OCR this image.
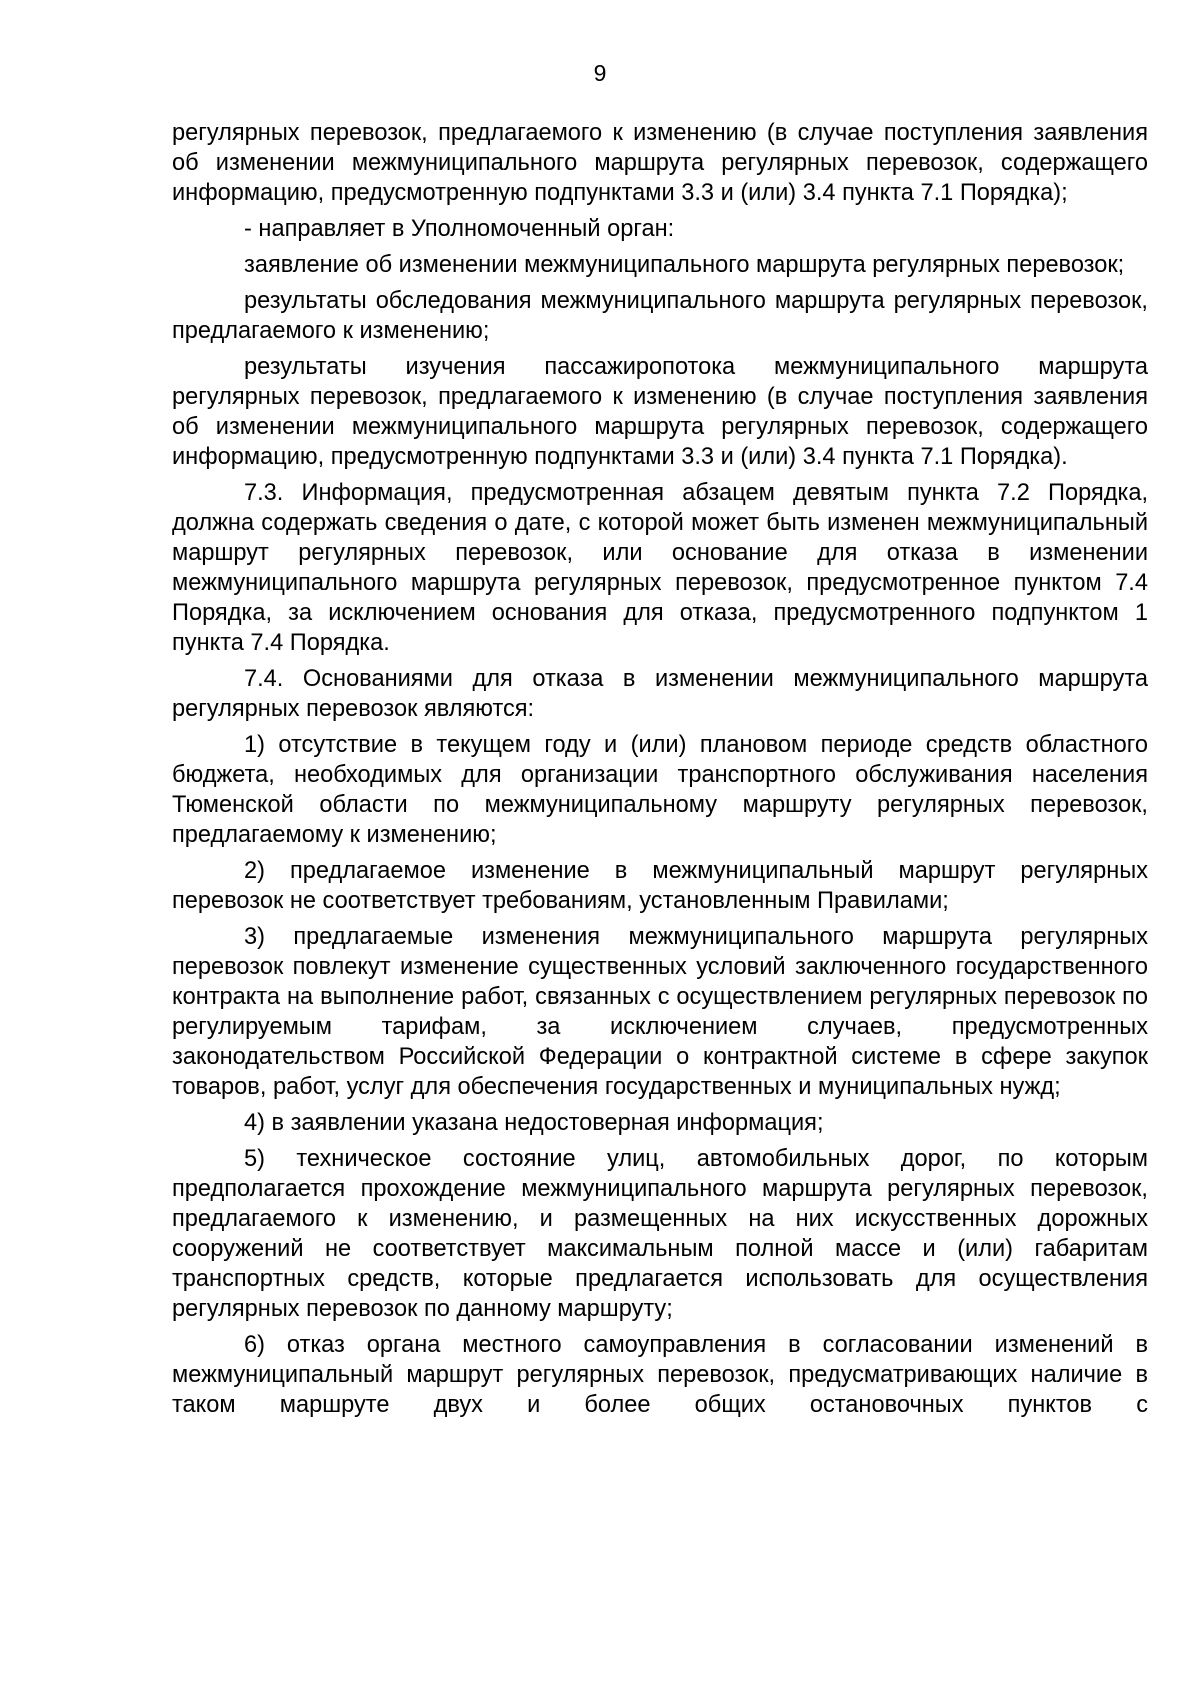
9

регулярных перевозок, предлагаемого к изменению (в случае поступления заявления об изменении межмуниципального маршрута регулярных перевозок, содержащего информацию, предусмотренную подпунктами 3.3 и (или) 3.4 пункта 7.1 Порядка);

- направляет в Уполномоченный орган:

заявление об изменении межмуниципального маршрута регулярных перевозок;

результаты обследования межмуниципального маршрута регулярных перевозок, предлагаемого к изменению;

результаты изучения пассажиропотока межмуниципального маршрута регулярных перевозок, предлагаемого к изменению (в случае поступления заявления об изменении межмуниципального маршрута регулярных перевозок, содержащего информацию, предусмотренную подпунктами 3.3 и (или) 3.4 пункта 7.1 Порядка).

7.3. Информация, предусмотренная абзацем девятым пункта 7.2 Порядка, должна содержать сведения о дате, с которой может быть изменен межмуниципальный маршрут регулярных перевозок, или основание для отказа в изменении межмуниципального маршрута регулярных перевозок, предусмотренное пунктом 7.4 Порядка, за исключением основания для отказа, предусмотренного подпунктом 1 пункта 7.4 Порядка.

7.4. Основаниями для отказа в изменении межмуниципального маршрута регулярных перевозок являются:

1) отсутствие в текущем году и (или) плановом периоде средств областного бюджета, необходимых для организации транспортного обслуживания населения Тюменской области по межмуниципальному маршруту регулярных перевозок, предлагаемому к изменению;

2) предлагаемое изменение в межмуниципальный маршрут регулярных перевозок не соответствует требованиям, установленным Правилами;

3) предлагаемые изменения межмуниципального маршрута регулярных перевозок повлекут изменение существенных условий заключенного государственного контракта на выполнение работ, связанных с осуществлением регулярных перевозок по регулируемым тарифам, за исключением случаев, предусмотренных законодательством Российской Федерации о контрактной системе в сфере закупок товаров, работ, услуг для обеспечения государственных и муниципальных нужд;

4) в заявлении указана недостоверная информация;

5) техническое состояние улиц, автомобильных дорог, по которым предполагается прохождение межмуниципального маршрута регулярных перевозок, предлагаемого к изменению, и размещенных на них искусственных дорожных сооружений не соответствует максимальным полной массе и (или) габаритам транспортных средств, которые предлагается использовать для осуществления регулярных перевозок по данному маршруту;

6) отказ органа местного самоуправления в согласовании изменений в межмуниципальный маршрут регулярных перевозок, предусматривающих наличие в таком маршруте двух и более общих остановочных пунктов с
